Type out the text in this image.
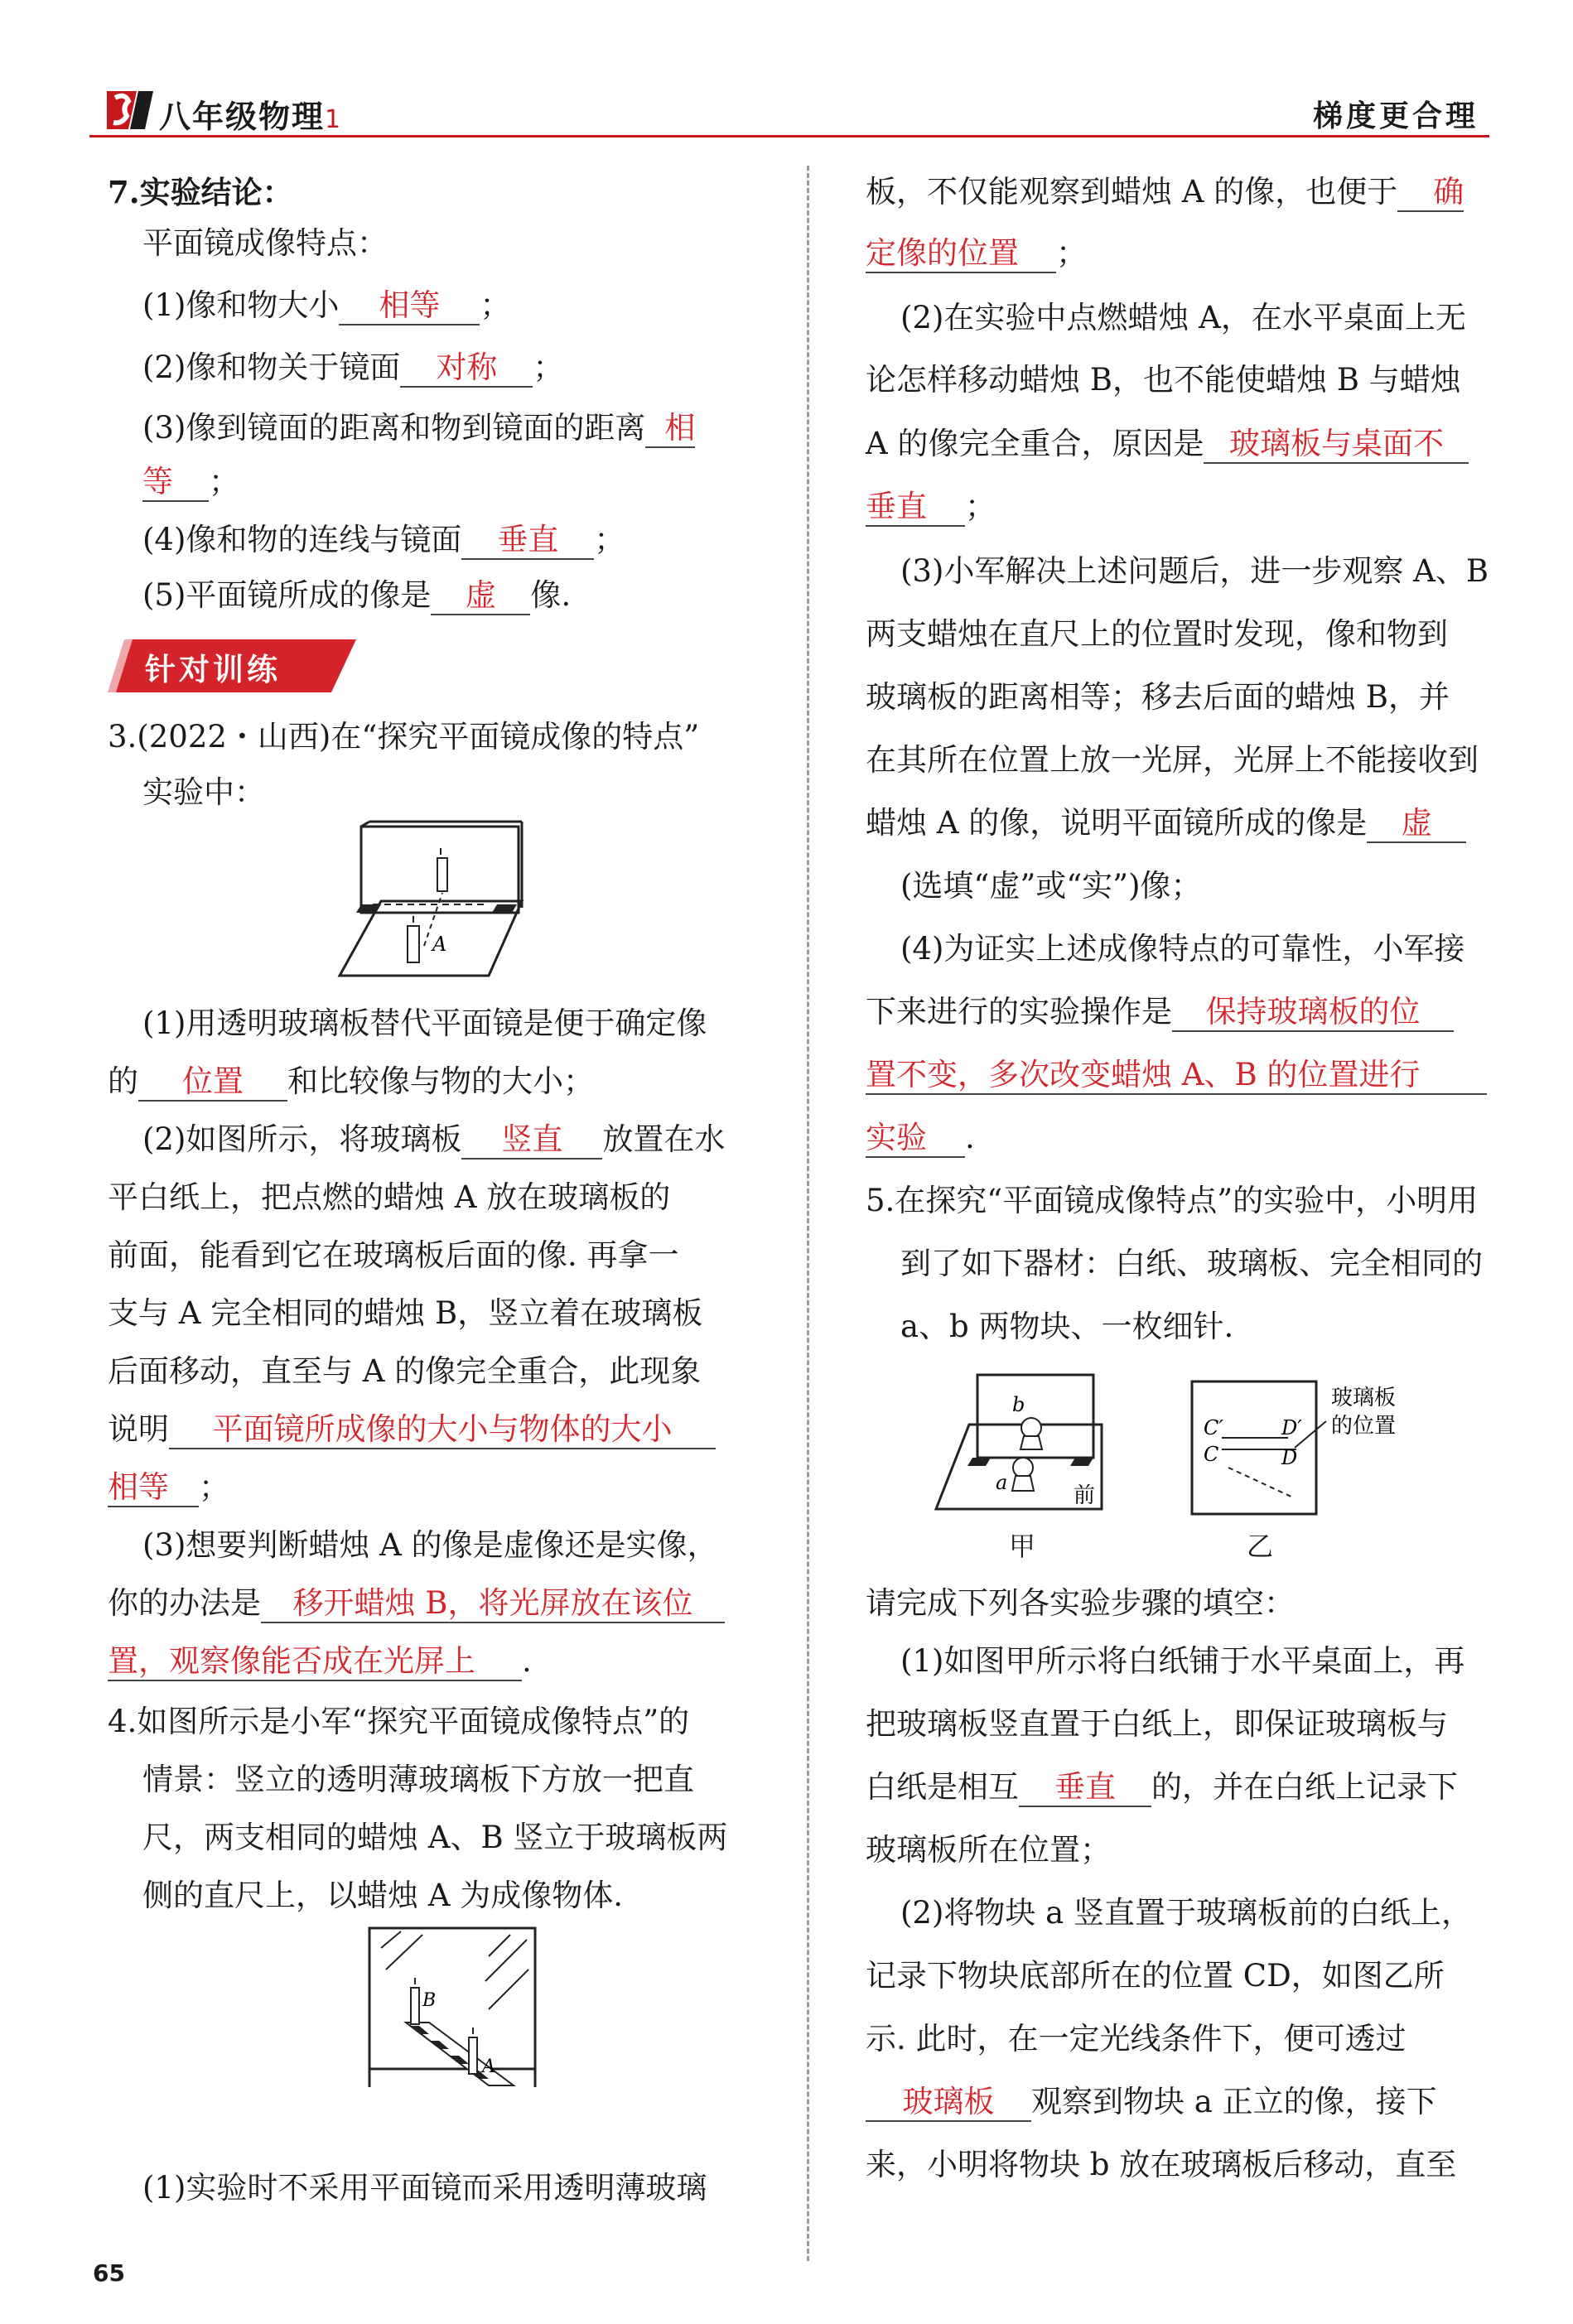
八年级物理1	梯度更合理
7.实验结论：
平面镜成像特点：
(1)像和物大小 相等 ；
(2)像和物关于镜面 对称 ；
(3)像到镜面的距离和物到镜面的距离 相
等 ；
(4)像和物的连线与镜面 垂直 ；
(5)平面镜所成的像是 虚 像.
针对训练
3.(2022・山西)在“探究平面镜成像的特点”
实验中：
A
(1)用透明玻璃板替代平面镜是便于确定像
的 位置 和比较像与物的大小；
(2)如图所示，将玻璃板 竖直 放置在水
平白纸上，把点燃的蜡烛 A 放在玻璃板的
前面，能看到它在玻璃板后面的像. 再拿一
支与 A 完全相同的蜡烛 B，竖立着在玻璃板
后面移动，直至与 A 的像完全重合，此现象
说明 平面镜所成像的大小与物体的大小
相等 ；
(3)想要判断蜡烛 A 的像是虚像还是实像，
你的办法是 移开蜡烛 B，将光屏放在该位
置，观察像能否成在光屏上 .
4.如图所示是小军“探究平面镜成像特点”的
情景：竖立的透明薄玻璃板下方放一把直
尺，两支相同的蜡烛 A、B 竖立于玻璃板两
侧的直尺上，以蜡烛 A 为成像物体.
B
A
(1)实验时不采用平面镜而采用透明薄玻璃
板，不仅能观察到蜡烛 A 的像，也便于 确
定像的位置 ；
(2)在实验中点燃蜡烛 A，在水平桌面上无
论怎样移动蜡烛 B，也不能使蜡烛 B 与蜡烛
A 的像完全重合，原因是 玻璃板与桌面不
垂直 ；
(3)小军解决上述问题后，进一步观察 A、B
两支蜡烛在直尺上的位置时发现，像和物到
玻璃板的距离相等；移去后面的蜡烛 B，并
在其所在位置上放一光屏，光屏上不能接收到
蜡烛 A 的像，说明平面镜所成的像是 虚
(选填“虚”或“实”)像；
(4)为证实上述成像特点的可靠性，小军接
下来进行的实验操作是 保持玻璃板的位
置不变，多次改变蜡烛 A、B 的位置进行
实验 .
5.在探究“平面镜成像特点”的实验中，小明用
到了如下器材：白纸、玻璃板、完全相同的
a、b 两物块、一枚细针.
b
a
前
甲
C′
C
D′
D
玻璃板
的位置
乙
请完成下列各实验步骤的填空：
(1)如图甲所示将白纸铺于水平桌面上，再
把玻璃板竖直置于白纸上，即保证玻璃板与
白纸是相互 垂直 的，并在白纸上记录下
玻璃板所在位置；
(2)将物块 a 竖直置于玻璃板前的白纸上，
记录下物块底部所在的位置 CD，如图乙所
示. 此时，在一定光线条件下，便可透过
玻璃板 观察到物块 a 正立的像，接下
来，小明将物块 b 放在玻璃板后移动，直至
65
